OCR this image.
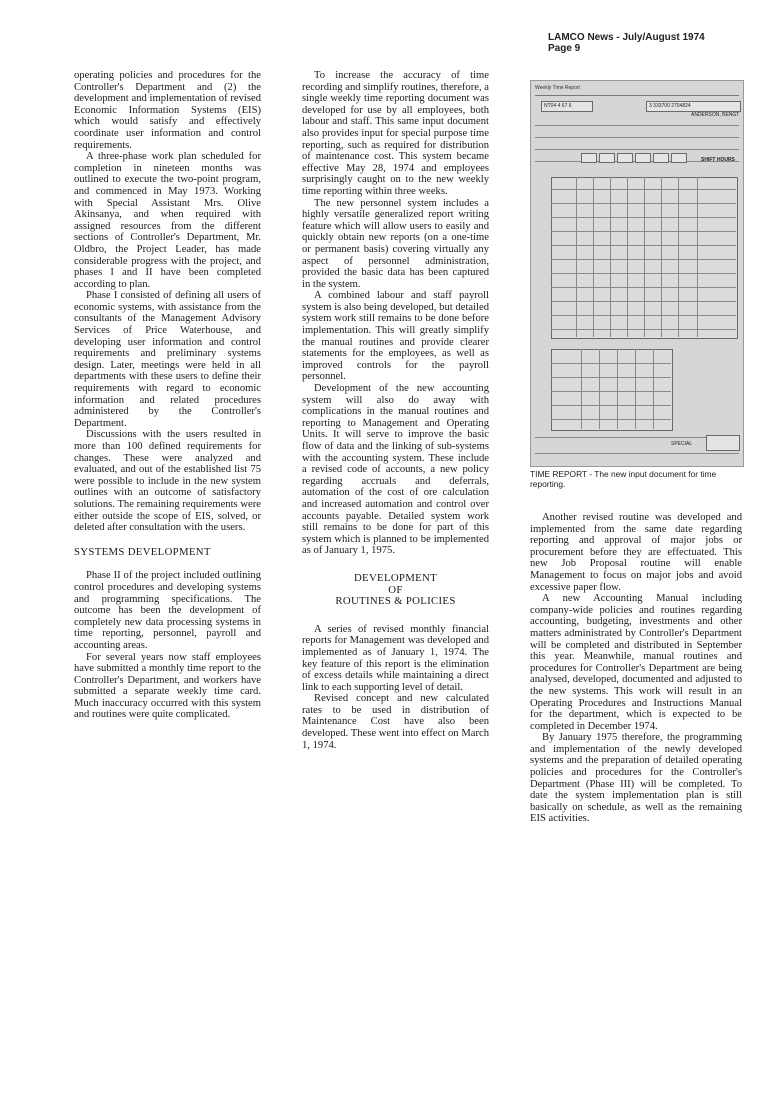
LAMCO News - July/August 1974
Page 9

operating policies and procedures for the Controller's Department and (2) the development and implementation of revised Economic Information Systems (EIS) which would satisfy and effectively coordinate user information and control requirements.

A three-phase work plan scheduled for completion in nineteen months was outlined to execute the two-point program, and commenced in May 1973. Working with Special Assistant Mrs. Olive Akinsanya, and when required with assigned resources from the different sections of Controller's Department, Mr. Oldbro, the Project Leader, has made considerable progress with the project, and phases I and II have been completed according to plan.

Phase I consisted of defining all users of economic systems, with assistance from the consultants of the Management Advisory Services of Price Waterhouse, and developing user information and control requirements and preliminary systems design. Later, meetings were held in all departments with these users to define their requirements with regard to economic information and related procedures administered by the Controller's Department.

Discussions with the users resulted in more than 100 defined requirements for changes. These were analyzed and evaluated, and out of the established list 75 were possible to include in the new system outlines with an outcome of satisfactory solutions. The remaining requirements were either outside the scope of EIS, solved, or deleted after consultation with the users.

SYSTEMS DEVELOPMENT

Phase II of the project included outlining control procedures and developing systems and programming specifications. The outcome has been the development of completely new data processing systems in time reporting, personnel, payroll and accounting areas.

For several years now staff employees have submitted a monthly time report to the Controller's Department, and workers have submitted a separate weekly time card. Much inaccuracy occurred with this system and routines were quite complicated.

To increase the accuracy of time recording and simplify routines, therefore, a single weekly time reporting document was developed for use by all employees, both labour and staff. This same input document also provides input for special purpose time reporting, such as required for distribution of maintenance cost. This system became effective May 28, 1974 and employees surprisingly caught on to the new weekly time reporting within three weeks.

The new personnel system includes a highly versatile generalized report writing feature which will allow users to easily and quickly obtain new reports (on a one-time or permanent basis) covering virtually any aspect of personnel administration, provided the basic data has been captured in the system.

A combined labour and staff payroll system is also being developed, but detailed system work still remains to be done before implementation. This will greatly simplify the manual routines and provide clearer statements for the employees, as well as improved controls for the payroll personnel.

Development of the new accounting system will also do away with complications in the manual routines and reporting to Management and Operating Units. It will serve to improve the basic flow of data and the linking of sub-systems with the accounting system. These include a revised code of accounts, a new policy regarding accruals and deferrals, automation of the cost of ore calculation and increased automation and control over accounts payable. Detailed system work still remains to be done for part of this system which is planned to be implemented as of January 1, 1975.

DEVELOPMENT
OF
ROUTINES & POLICIES

A series of revised monthly financial reports for Management was developed and implemented as of January 1, 1974. The key feature of this report is the elimination of excess details while maintaining a direct link to each supporting level of detail.

Revised concept and new calculated rates to be used in distribution of Maintenance Cost have also been developed. These went into effect on March 1, 1974.

Weekly Time Report
NT04 4 67 6	3 333700 2704824
ANDERSON, BENGT
SHIFT HOURS
SPECIAL
TIME REPORT - The new input document for time reporting.

Another revised routine was developed and implemented from the same date regarding reporting and approval of major jobs or procurement before they are effectuated. This new Job Proposal routine will enable Management to focus on major jobs and avoid excessive paper flow.

A new Accounting Manual including company-wide policies and routines regarding accounting, budgeting, investments and other matters administrated by Controller's Department will be completed and distributed in September this year. Meanwhile, manual routines and procedures for Controller's Department are being analysed, developed, documented and adjusted to the new systems. This work will result in an Operating Procedures and Instructions Manual for the department, which is expected to be completed in December 1974.

By January 1975 therefore, the programming and implementation of the newly developed systems and the preparation of detailed operating policies and procedures for the Controller's Department (Phase III) will be completed. To date the system implementation plan is still basically on schedule, as well as the remaining EIS activities.
